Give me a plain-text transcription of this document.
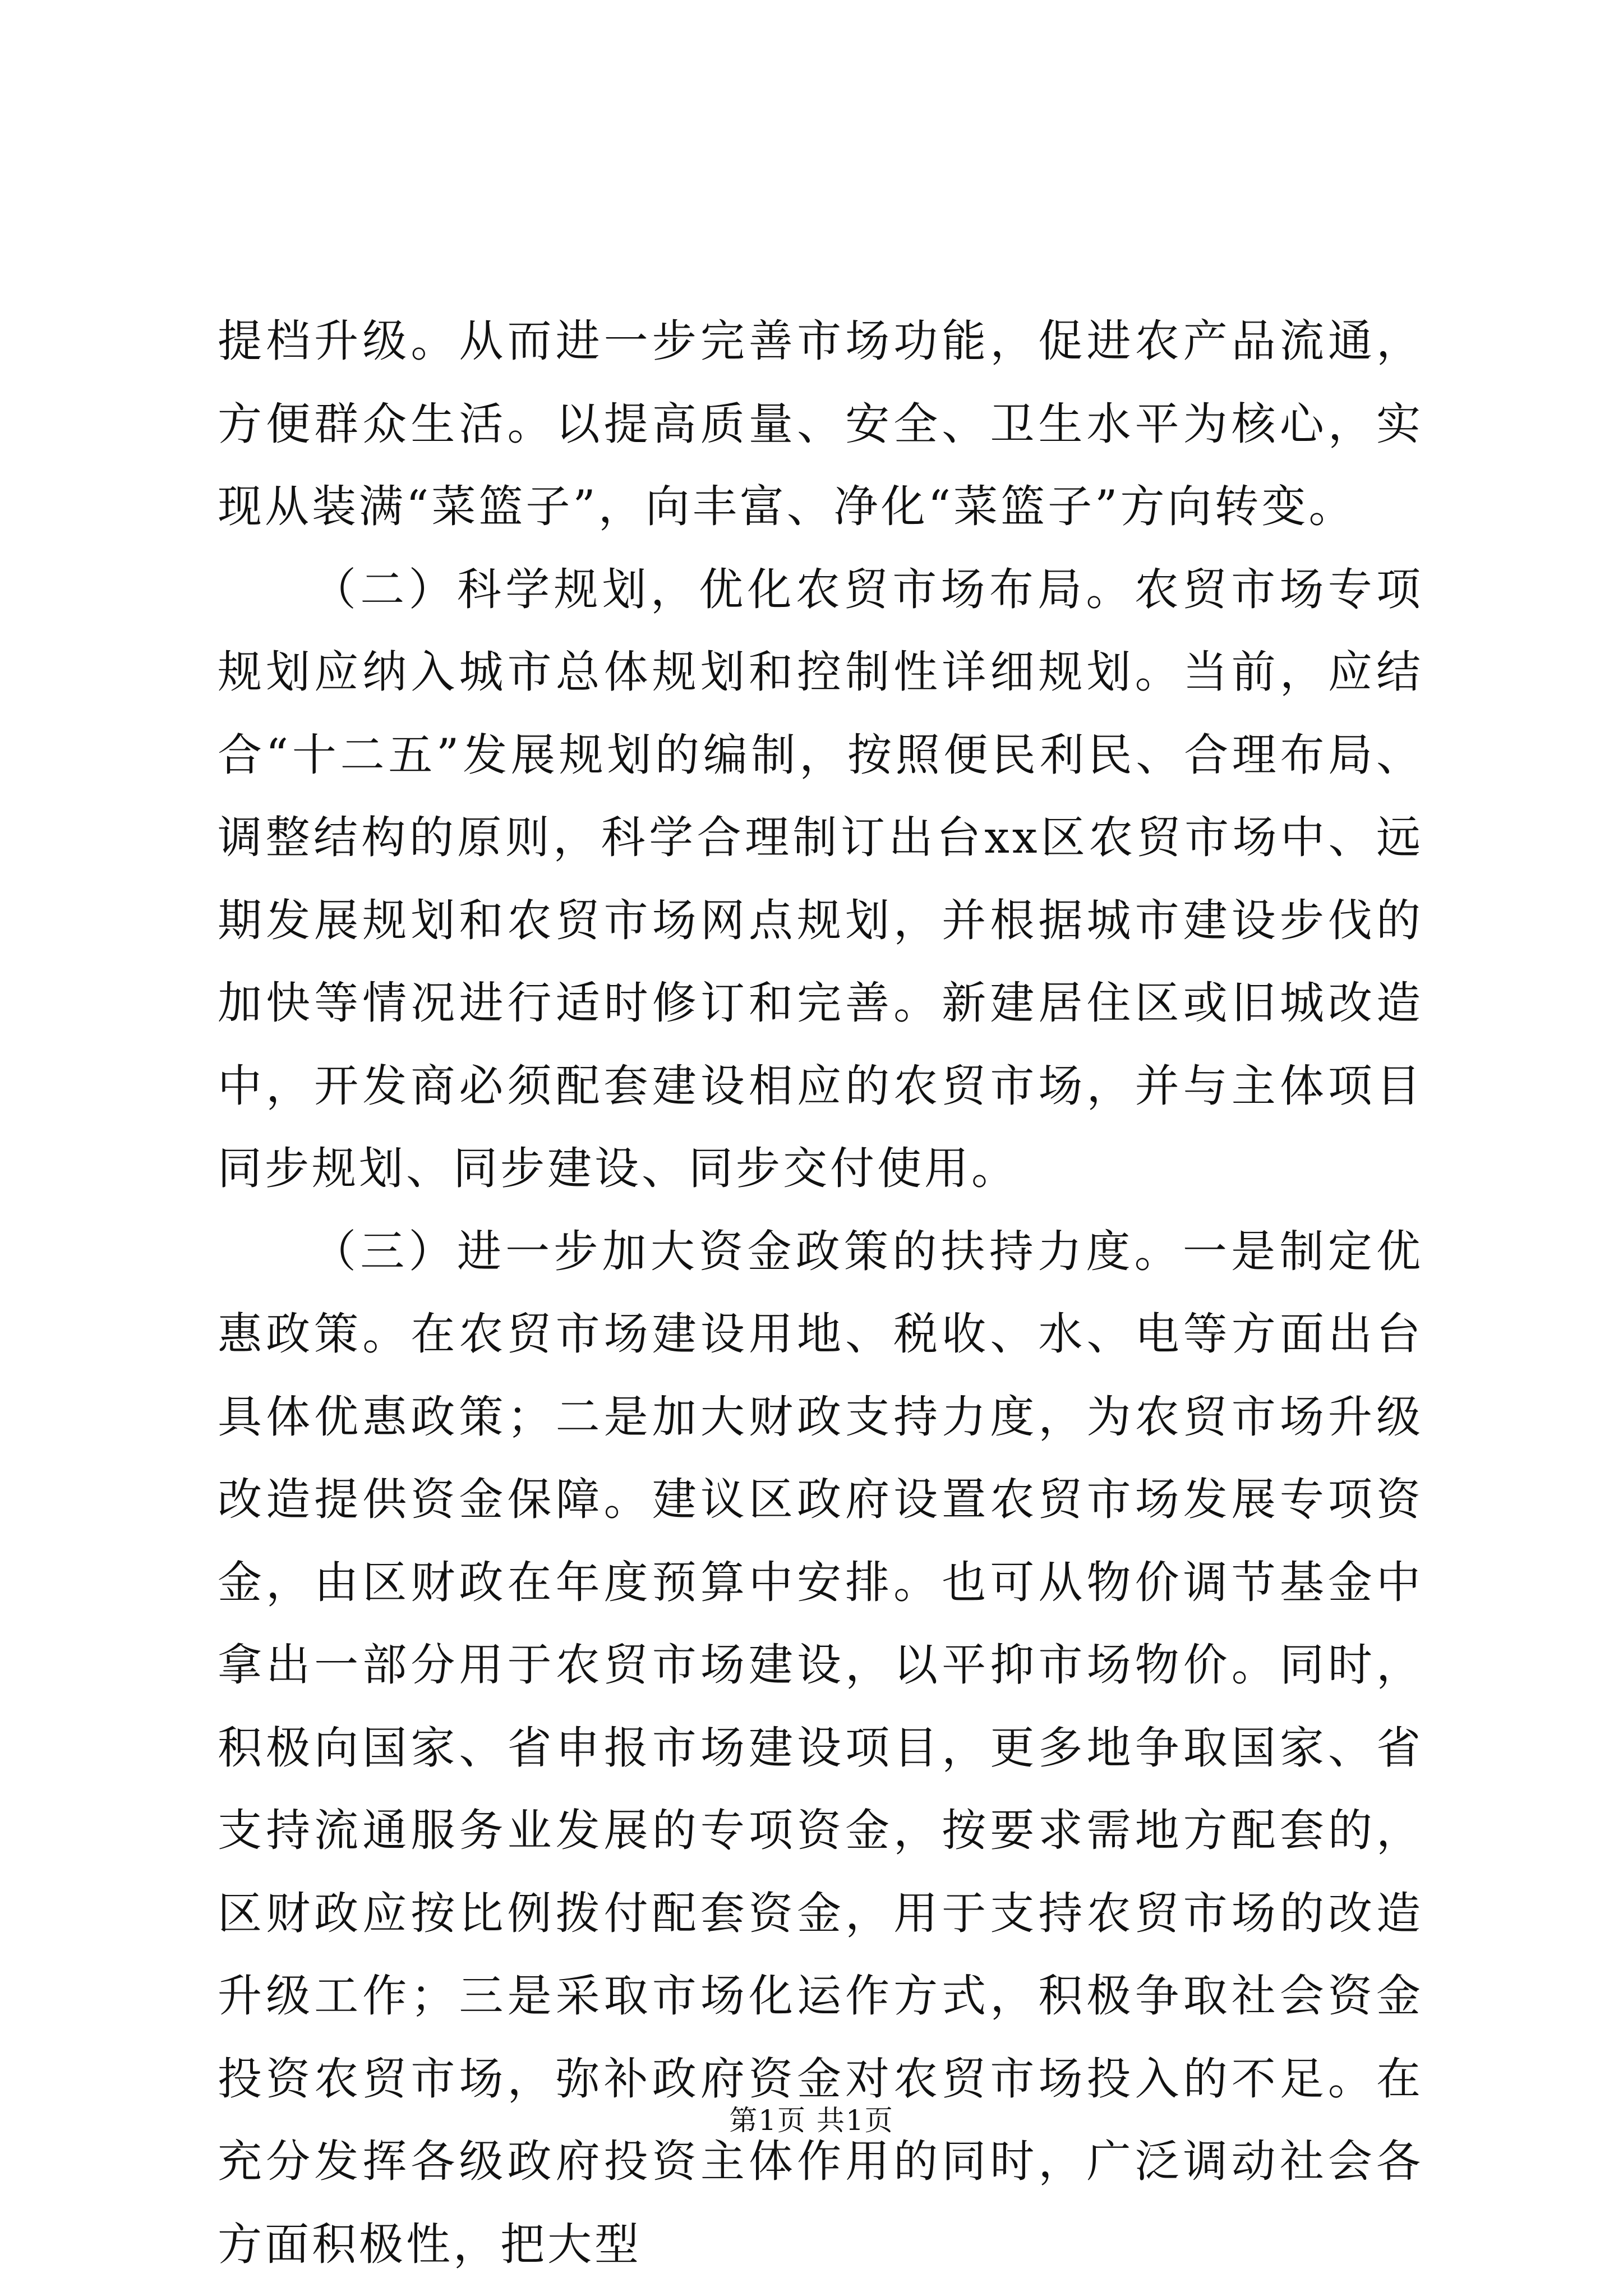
提档升级。从而进一步完善市场功能，促进农产品流通，方便群众生活。以提高质量、安全、卫生水平为核心，实现从装满“菜篮子”，向丰富、净化“菜篮子”方向转变。

（二）科学规划，优化农贸市场布局。农贸市场专项规划应纳入城市总体规划和控制性详细规划。当前，应结合“十二五”发展规划的编制，按照便民利民、合理布局、调整结构的原则，科学合理制订出台xx区农贸市场中、远期发展规划和农贸市场网点规划，并根据城市建设步伐的加快等情况进行适时修订和完善。新建居住区或旧城改造中，开发商必须配套建设相应的农贸市场，并与主体项目同步规划、同步建设、同步交付使用。

（三）进一步加大资金政策的扶持力度。一是制定优惠政策。在农贸市场建设用地、税收、水、电等方面出台具体优惠政策；二是加大财政支持力度，为农贸市场升级改造提供资金保障。建议区政府设置农贸市场发展专项资金，由区财政在年度预算中安排。也可从物价调节基金中拿出一部分用于农贸市场建设，以平抑市场物价。同时，积极向国家、省申报市场建设项目，更多地争取国家、省支持流通服务业发展的专项资金，按要求需地方配套的，区财政应按比例拨付配套资金，用于支持农贸市场的改造升级工作；三是采取市场化运作方式，积极争取社会资金投资农贸市场，弥补政府资金对农贸市场投入的不足。在充分发挥各级政府投资主体作用的同时，广泛调动社会各方面积极性，把大型

第1页 共1页
